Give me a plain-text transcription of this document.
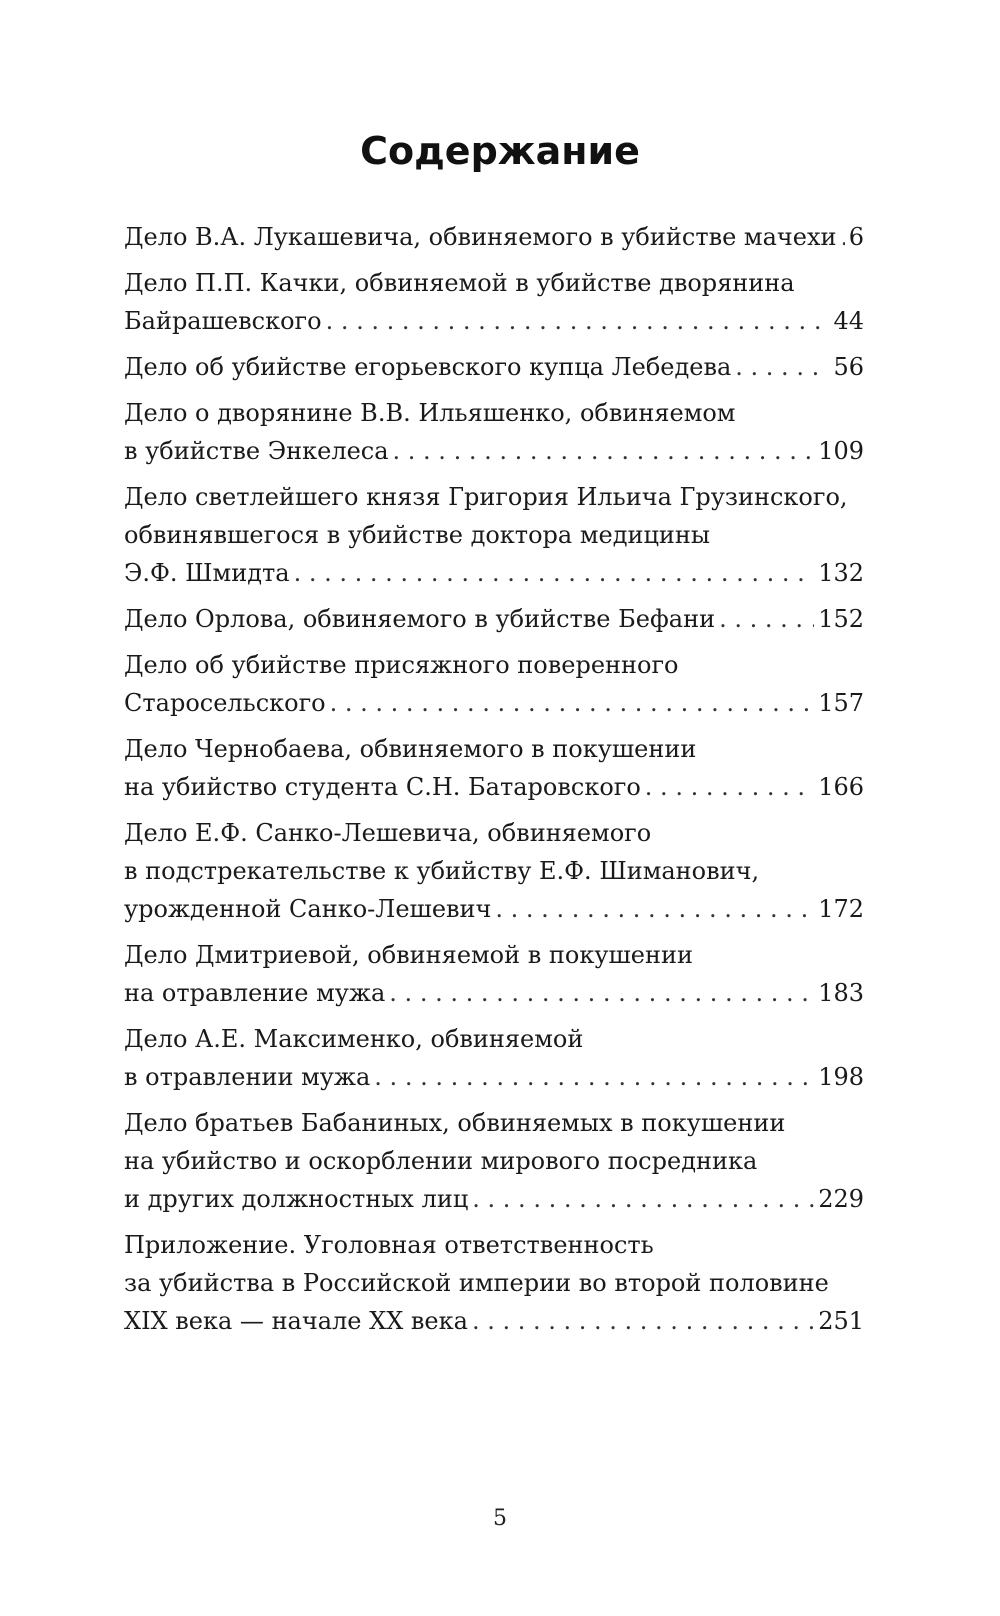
Содержание
Дело В.А. Лукашевича, обвиняемого в убийстве мачехи . . . 6
Дело П.П. Качки, обвиняемой в убийстве дворянина
Байрашевского . . .	44
Дело об убийстве егорьевского купца Лебедева . . .	56
Дело о дворянине В.В. Ильяшенко, обвиняемом
в убийстве Энкелеса . . .	109
Дело светлейшего князя Григория Ильича Грузинского,
обвинявшегося в убийстве доктора медицины
Э.Ф. Шмидта . . .	132
Дело Орлова, обвиняемого в убийстве Бефани . . .	152
Дело об убийстве присяжного поверенного
Старосельского . . .	157
Дело Чернобаева, обвиняемого в покушении
на убийство студента С.Н. Батаровского . . .	166
Дело Е.Ф. Санко-Лешевича, обвиняемого
в подстрекательстве к убийству Е.Ф. Шиманович,
урожденной Санко-Лешевич . . .	172
Дело Дмитриевой, обвиняемой в покушении
на отравление мужа . . .	183
Дело А.Е. Максименко, обвиняемой
в отравлении мужа . . .	198
Дело братьев Бабаниных, обвиняемых в покушении
на убийство и оскорблении мирового посредника
и других должностных лиц . . .	229
Приложение. Уголовная ответственность
за убийства в Российской империи во второй половине
XIX века — начале XX века . . .	251
5
